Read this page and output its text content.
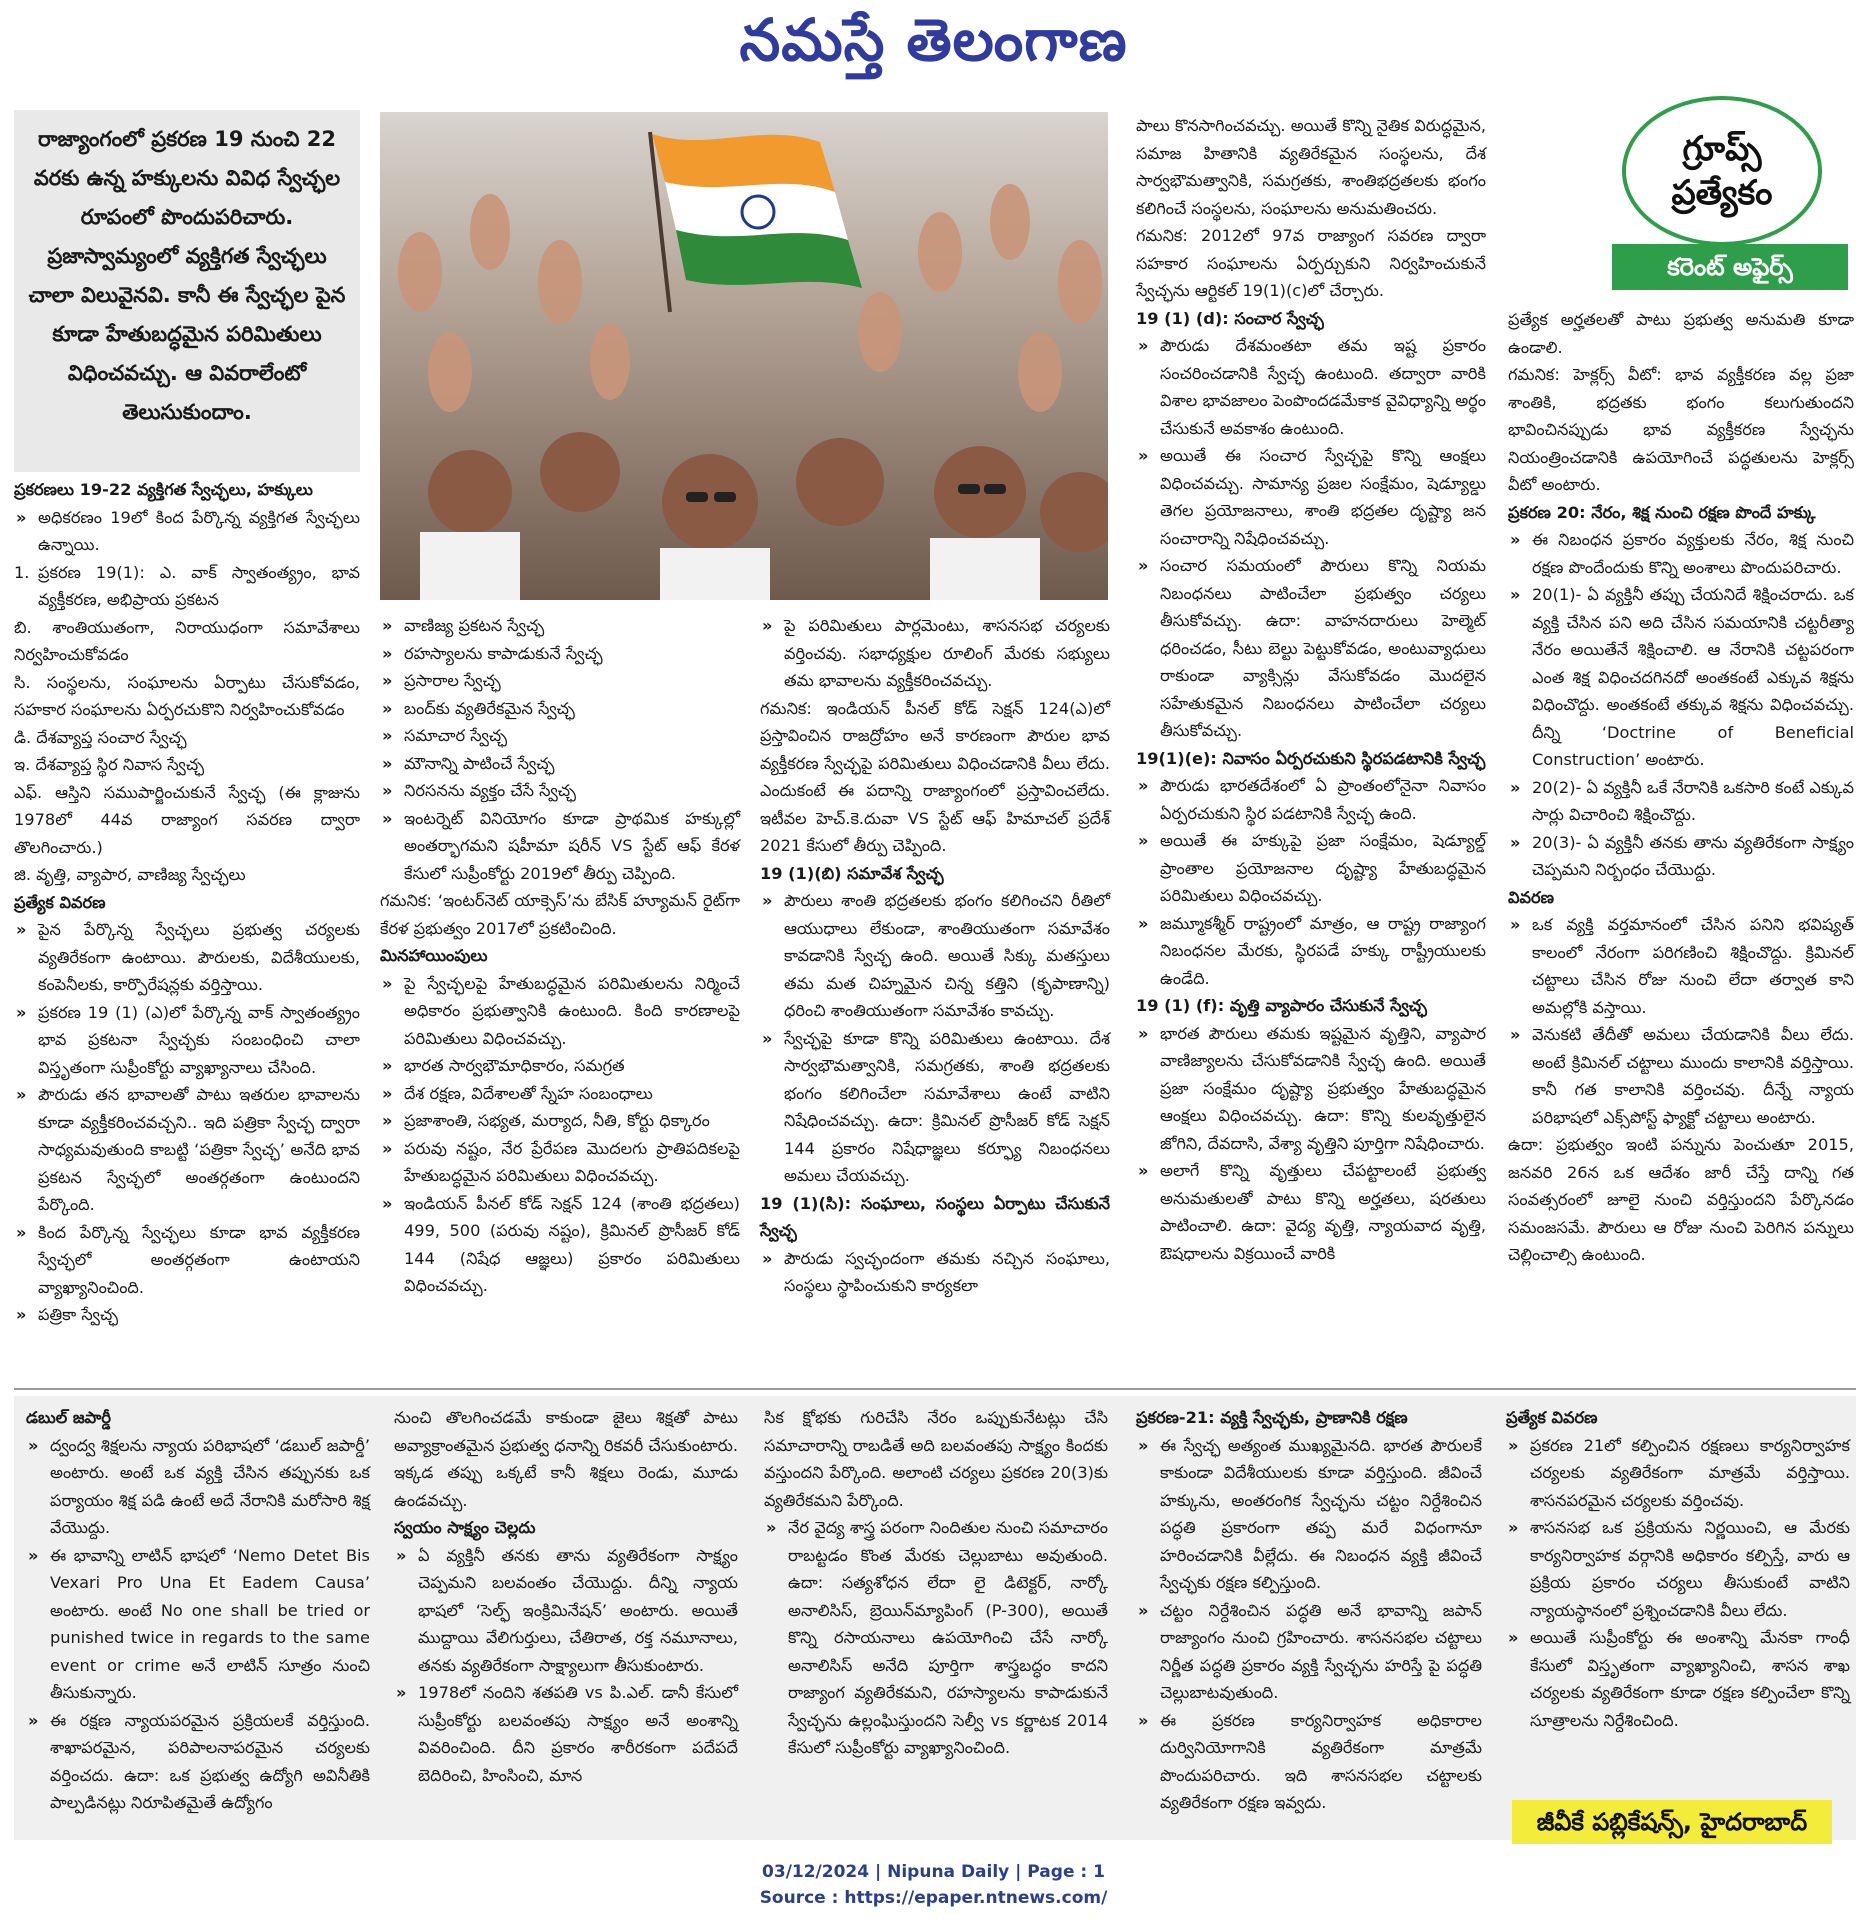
నమస్తే తెలంగాణ

రాజ్యాంగంలో ప్రకరణ 19 నుంచి 22 వరకు ఉన్న హక్కులను వివిధ స్వేచ్ఛల రూపంలో పొందుపరిచారు. ప్రజాస్వామ్యంలో వ్యక్తిగత స్వేచ్ఛలు చాలా విలువైనవి. కానీ ఈ స్వేచ్ఛల పైన కూడా హేతుబద్ధమైన పరిమితులు విధించవచ్చు. ఆ వివరాలేంటో తెలుసుకుందాం.

గ్రూప్స్
ప్రత్యేకం
కరెంట్ అఫైర్స్

ప్రకరణలు 19-22 వ్యక్తిగత స్వేచ్ఛలు, హక్కులు

» అధికరణం 19లో కింద పేర్కొన్న వ్యక్తిగత స్వేచ్ఛలు ఉన్నాయి.

1. ప్రకరణ 19(1): ఎ. వాక్ స్వాతంత్య్రం, భావ వ్యక్తీకరణ, అభిప్రాయ ప్రకటన

బి. శాంతియుతంగా, నిరాయుధంగా సమావేశాలు నిర్వహించుకోవడం

సి. సంస్థలను, సంఘాలను ఏర్పాటు చేసుకోవడం, సహకార సంఘాలను ఏర్పరచుకొని నిర్వహించుకోవడం

డి. దేశవ్యాప్త సంచార స్వేచ్ఛ

ఇ. దేశవ్యాప్త స్థిర నివాస స్వేచ్ఛ

ఎఫ్. ఆస్తిని సముపార్జించుకునే స్వేచ్ఛ (ఈ క్లాజును 1978లో 44వ రాజ్యాంగ సవరణ ద్వారా తొలగించారు.)

జి. వృత్తి, వ్యాపార, వాణిజ్య స్వేచ్ఛలు

ప్రత్యేక వివరణ

» పైన పేర్కొన్న స్వేచ్ఛలు ప్రభుత్వ చర్యలకు వ్యతిరేకంగా ఉంటాయి. పౌరులకు, విదేశీయులకు, కంపెనీలకు, కార్పొరేషన్లకు వర్తిస్తాయి.

» ప్రకరణ 19 (1) (ఎ)లో పేర్కొన్న వాక్ స్వాతంత్య్రం భావ ప్రకటనా స్వేచ్ఛకు సంబంధించి చాలా విస్తృతంగా సుప్రీంకోర్టు వ్యాఖ్యానాలు చేసింది.

» పౌరుడు తన భావాలతో పాటు ఇతరుల భావాలను కూడా వ్యక్తీకరించవచ్చని.. ఇది పత్రికా స్వేచ్ఛ ద్వారా సాధ్యమవుతుంది కాబట్టి ‘పత్రికా స్వేచ్ఛ’ అనేది భావ ప్రకటన స్వేచ్ఛలో అంతర్గతంగా ఉంటుందని పేర్కొంది.

» కింద పేర్కొన్న స్వేచ్ఛలు కూడా భావ వ్యక్తీకరణ స్వేచ్ఛలో అంతర్గతంగా ఉంటాయని వ్యాఖ్యానించింది.

» పత్రికా స్వేచ్ఛ

» వాణిజ్య ప్రకటన స్వేచ్ఛ

» రహస్యాలను కాపాడుకునే స్వేచ్ఛ

» ప్రసారాల స్వేచ్ఛ

» బంద్‌కు వ్యతిరేకమైన స్వేచ్ఛ

» సమాచార స్వేచ్ఛ

» మౌనాన్ని పాటించే స్వేచ్ఛ

» నిరసనను వ్యక్తం చేసే స్వేచ్ఛ

» ఇంటర్నెట్ వినియోగం కూడా ప్రాథమిక హక్కుల్లో అంతర్భాగమని షహీమా షరీన్ VS స్టేట్ ఆఫ్ కేరళ కేసులో సుప్రీంకోర్టు 2019లో తీర్పు చెప్పింది.

గమనిక: ‘ఇంటర్‌నెట్ యాక్సెస్’ను బేసిక్ హ్యూమన్ రైట్‌గా కేరళ ప్రభుత్వం 2017లో ప్రకటించింది.

మినహాయింపులు

» పై స్వేచ్ఛలపై హేతుబద్ధమైన పరిమితులను నిర్మించే అధికారం ప్రభుత్వానికి ఉంటుంది. కింది కారణాలపై పరిమితులు విధించవచ్చు.

» భారత సార్వభౌమాధికారం, సమగ్రత

» దేశ రక్షణ, విదేశాలతో స్నేహ సంబంధాలు

» ప్రజాశాంతి, సభ్యత, మర్యాద, నీతి, కోర్టు ధిక్కారం

» పరువు నష్టం, నేర ప్రేరేపణ మొదలగు ప్రాతిపదికలపై హేతుబద్ధమైన పరిమితులు విధించవచ్చు.

» ఇండియన్ పీనల్ కోడ్ సెక్షన్ 124 (శాంతి భద్రతలు) 499, 500 (పరువు నష్టం), క్రిమినల్ ప్రొసీజర్ కోడ్ 144 (నిషేధ ఆజ్ఞలు) ప్రకారం పరిమితులు విధించవచ్చు.

» పై పరిమితులు పార్లమెంటు, శాసనసభ చర్యలకు వర్తించవు. సభాధ్యక్షుల రూలింగ్ మేరకు సభ్యులు తమ భావాలను వ్యక్తీకరించవచ్చు.

గమనిక: ఇండియన్ పీనల్ కోడ్ సెక్షన్ 124(ఎ)లో ప్రస్తావించిన రాజద్రోహం అనే కారణంగా పౌరుల భావ వ్యక్తీకరణ స్వేచ్ఛపై పరిమితులు విధించడానికి వీలు లేదు. ఎందుకంటే ఈ పదాన్ని రాజ్యాంగంలో ప్రస్తావించలేదు. ఇటీవల హెచ్.కె.దువా VS స్టేట్ ఆఫ్ హిమాచల్ ప్రదేశ్ 2021 కేసులో తీర్పు చెప్పింది.

19 (1)(బి) సమావేశ స్వేచ్ఛ

» పౌరులు శాంతి భద్రతలకు భంగం కలిగించని రీతిలో ఆయుధాలు లేకుండా, శాంతియుతంగా సమావేశం కావడానికి స్వేచ్ఛ ఉంది. అయితే సిక్కు మతస్తులు తమ మత చిహ్నమైన చిన్న కత్తిని (కృపాణాన్ని) ధరించి శాంతియుతంగా సమావేశం కావచ్చు.

» స్వేచ్ఛపై కూడా కొన్ని పరిమితులు ఉంటాయి. దేశ సార్వభౌమత్వానికి, సమగ్రతకు, శాంతి భద్రతలకు భంగం కలిగించేలా సమావేశాలు ఉంటే వాటిని నిషేధించవచ్చు. ఉదా: క్రిమినల్ ప్రొసీజర్ కోడ్ సెక్షన్ 144 ప్రకారం నిషేధాజ్ఞలు కర్ఫ్యూ నిబంధనలు అమలు చేయవచ్చు.

19 (1)(సి): సంఘాలు, సంస్థలు ఏర్పాటు చేసుకునే స్వేచ్ఛ

» పౌరుడు స్వచ్ఛందంగా తమకు నచ్చిన సంఘాలు, సంస్థలు స్థాపించుకుని కార్యకలా

పాలు కొనసాగించవచ్చు. అయితే కొన్ని నైతిక విరుద్ధమైన, సమాజ హితానికి వ్యతిరేకమైన సంస్థలను, దేశ సార్వభౌమత్వానికి, సమగ్రతకు, శాంతిభద్రతలకు భంగం కలిగించే సంస్థలను, సంఘాలను అనుమతించరు.

గమనిక: 2012లో 97వ రాజ్యాంగ సవరణ ద్వారా సహకార సంఘాలను ఏర్పర్చుకుని నిర్వహించుకునే స్వేచ్ఛను ఆర్టికల్ 19(1)(c)లో చేర్చారు.

19 (1) (d): సంచార స్వేచ్ఛ

» పౌరుడు దేశమంతటా తమ ఇష్ట ప్రకారం సంచరించడానికి స్వేచ్ఛ ఉంటుంది. తద్వారా వారికి విశాల భావజాలం పెంపొందడమేకాక వైవిధ్యాన్ని అర్థం చేసుకునే అవకాశం ఉంటుంది.

» అయితే ఈ సంచార స్వేచ్ఛపై కొన్ని ఆంక్షలు విధించవచ్చు. సామాన్య ప్రజల సంక్షేమం, షెడ్యూల్డు తెగల ప్రయోజనాలు, శాంతి భద్రతల దృష్ట్యా జన సంచారాన్ని నిషేధించవచ్చు.

» సంచార సమయంలో పౌరులు కొన్ని నియమ నిబంధనలు పాటించేలా ప్రభుత్వం చర్యలు తీసుకోవచ్చు. ఉదా: వాహనదారులు హెల్మెట్ ధరించడం, సీటు బెల్టు పెట్టుకోవడం, అంటువ్యాధులు రాకుండా వ్యాక్సిన్లు వేసుకోవడం మొదలైన సహేతుకమైన నిబంధనలు పాటించేలా చర్యలు తీసుకోవచ్చు.

19(1)(e): నివాసం ఏర్పరచుకుని స్థిరపడటానికి స్వేచ్ఛ

» పౌరుడు భారతదేశంలో ఏ ప్రాంతంలోనైనా నివాసం ఏర్పరచుకుని స్థిర పడటానికి స్వేచ్ఛ ఉంది.

» అయితే ఈ హక్కుపై ప్రజా సంక్షేమం, షెడ్యూల్డ్ ప్రాంతాల ప్రయోజనాల దృష్ట్యా హేతుబద్ధమైన పరిమితులు విధించవచ్చు.

» జమ్మూకశ్మీర్ రాష్ట్రంలో మాత్రం, ఆ రాష్ట్ర రాజ్యాంగ నిబంధనల మేరకు, స్థిరపడే హక్కు రాష్ట్రీయులకు ఉండేది.

19 (1) (f): వృత్తి వ్యాపారం చేసుకునే స్వేచ్ఛ

» భారత పౌరులు తమకు ఇష్టమైన వృత్తిని, వ్యాపార వాణిజ్యాలను చేసుకోవడానికి స్వేచ్ఛ ఉంది. అయితే ప్రజా సంక్షేమం దృష్ట్యా ప్రభుత్వం హేతుబద్ధమైన ఆంక్షలు విధించవచ్చు. ఉదా: కొన్ని కులవృత్తులైన జోగిని, దేవదాసి, వేశ్యా వృత్తిని పూర్తిగా నిషేధించారు.

» అలాగే కొన్ని వృత్తులు చేపట్టాలంటే ప్రభుత్వ అనుమతులతో పాటు కొన్ని అర్హతలు, షరతులు పాటించాలి. ఉదా: వైద్య వృత్తి, న్యాయవాద వృత్తి, ఔషధాలను విక్రయించే వారికి

ప్రత్యేక అర్హతలతో పాటు ప్రభుత్వ అనుమతి కూడా ఉండాలి.

గమనిక: హెక్లర్స్ వీటో: భావ వ్యక్తీకరణ వల్ల ప్రజా శాంతికి, భద్రతకు భంగం కలుగుతుందని భావించినప్పుడు భావ వ్యక్తీకరణ స్వేచ్ఛను నియంత్రించడానికి ఉపయోగించే పద్ధతులను హెక్లర్స్ వీటో అంటారు.

ప్రకరణ 20: నేరం, శిక్ష నుంచి రక్షణ పొందే హక్కు

» ఈ నిబంధన ప్రకారం వ్యక్తులకు నేరం, శిక్ష నుంచి రక్షణ పొందేందుకు కొన్ని అంశాలు పొందుపరిచారు.

» 20(1)- ఏ వ్యక్తినీ తప్పు చేయనిదే శిక్షించరాదు. ఒక వ్యక్తి చేసిన పని అది చేసిన సమయానికి చట్టరీత్యా నేరం అయితేనే శిక్షించాలి. ఆ నేరానికి చట్టపరంగా ఎంత శిక్ష విధించదగినదో అంతకంటే ఎక్కువ శిక్షను విధించొద్దు. అంతకంటే తక్కువ శిక్షను విధించవచ్చు. దీన్ని ‘Doctrine of Beneficial Construction’ అంటారు.

» 20(2)- ఏ వ్యక్తినీ ఒకే నేరానికి ఒకసారి కంటే ఎక్కువ సార్లు విచారించి శిక్షించొద్దు.

» 20(3)- ఏ వ్యక్తినీ తనకు తాను వ్యతిరేకంగా సాక్ష్యం చెప్పమని నిర్బంధం చేయొద్దు.

వివరణ

» ఒక వ్యక్తి వర్తమానంలో చేసిన పనిని భవిష్యత్ కాలంలో నేరంగా పరిగణించి శిక్షించొద్దు. క్రిమినల్ చట్టాలు చేసిన రోజు నుంచి లేదా తర్వాత కాని అమల్లోకి వస్తాయి.

» వెనుకటి తేదీతో అమలు చేయడానికి వీలు లేదు. అంటే క్రిమినల్ చట్టాలు ముందు కాలానికి వర్తిస్తాయి. కానీ గత కాలానికి వర్తించవు. దీన్నే న్యాయ పరిభాషలో ఎక్స్‌పోస్ట్ ఫ్యాక్టో చట్టాలు అంటారు.

ఉదా: ప్రభుత్వం ఇంటి పన్నును పెంచుతూ 2015, జనవరి 26న ఒక ఆదేశం జారీ చేస్తే దాన్ని గత సంవత్సరంలో జూలై నుంచి వర్తిస్తుందని పేర్కొనడం సమంజసమే. పౌరులు ఆ రోజు నుంచి పెరిగిన పన్నులు చెల్లించాల్సి ఉంటుంది.

డబుల్ జపార్డీ

» ద్వంద్వ శిక్షలను న్యాయ పరిభాషలో ‘డబుల్ జపార్డీ’ అంటారు. అంటే ఒక వ్యక్తి చేసిన తప్పునకు ఒక పర్యాయం శిక్ష పడి ఉంటే అదే నేరానికి మరోసారి శిక్ష వేయొద్దు.

» ఈ భావాన్ని లాటిన్ భాషలో ‘Nemo Detet Bis Vexari Pro Una Et Eadem Causa’ అంటారు. అంటే No one shall be tried or punished twice in regards to the same event or crime అనే లాటిన్ సూత్రం నుంచి తీసుకున్నారు.

» ఈ రక్షణ న్యాయపరమైన ప్రక్రియలకే వర్తిస్తుంది. శాఖాపరమైన, పరిపాలనాపరమైన చర్యలకు వర్తించదు. ఉదా: ఒక ప్రభుత్వ ఉద్యోగి అవినీతికి పాల్పడినట్లు నిరూపితమైతే ఉద్యోగం

నుంచి తొలగించడమే కాకుండా జైలు శిక్షతో పాటు అవ్యాక్రాంతమైన ప్రభుత్వ ధనాన్ని రికవరీ చేసుకుంటారు. ఇక్కడ తప్పు ఒక్కటే కానీ శిక్షలు రెండు, మూడు ఉండవచ్చు.

స్వయం సాక్ష్యం చెల్లదు

» ఏ వ్యక్తినీ తనకు తాను వ్యతిరేకంగా సాక్ష్యం చెప్పమని బలవంతం చేయొద్దు. దీన్ని న్యాయ భాషలో ‘సెల్ఫ్ ఇంక్రిమినేషన్’ అంటారు. అయితే ముద్దాయి వేలిగుర్తులు, చేతిరాత, రక్త నమూనాలు, తనకు వ్యతిరేకంగా సాక్ష్యాలుగా తీసుకుంటారు.

» 1978లో నందిని శతపతి vs పి.ఎల్. డానీ కేసులో సుప్రీంకోర్టు బలవంతపు సాక్ష్యం అనే అంశాన్ని వివరించింది. దీని ప్రకారం శారీరకంగా పదేపదే బెదిరించి, హింసించి, మాన

సిక క్షోభకు గురిచేసి నేరం ఒప్పుకునేటట్లు చేసి సమాచారాన్ని రాబడితే అది బలవంతపు సాక్ష్యం కిందకు వస్తుందని పేర్కొంది. అలాంటి చర్యలు ప్రకరణ 20(3)కు వ్యతిరేకమని పేర్కొంది.

» నేర వైద్య శాస్త్ర పరంగా నిందితుల నుంచి సమాచారం రాబట్టడం కొంత మేరకు చెల్లుబాటు అవుతుంది. ఉదా: సత్యశోధన లేదా లై డిటెక్టర్, నార్కో అనాలిసిస్, బ్రెయిన్‌మ్యాపింగ్ (P-300), అయితే కొన్ని రసాయనాలు ఉపయోగించి చేసే నార్కో అనాలిసిస్ అనేది పూర్తిగా శాస్త్రబద్ధం కాదని రాజ్యాంగ వ్యతిరేకమని, రహస్యాలను కాపాడుకునే స్వేచ్ఛను ఉల్లంఘిస్తుందని సెల్వీ vs కర్ణాటక 2014 కేసులో సుప్రీంకోర్టు వ్యాఖ్యానించింది.

ప్రకరణ-21: వ్యక్తి స్వేచ్ఛకు, ప్రాణానికి రక్షణ

» ఈ స్వేచ్ఛ అత్యంత ముఖ్యమైనది. భారత పౌరులకే కాకుండా విదేశీయులకు కూడా వర్తిస్తుంది. జీవించే హక్కును, అంతరంగిక స్వేచ్ఛను చట్టం నిర్దేశించిన పద్ధతి ప్రకారంగా తప్ప మరే విధంగానూ హరించడానికి వీల్లేదు. ఈ నిబంధన వ్యక్తి జీవించే స్వేచ్ఛకు రక్షణ కల్పిస్తుంది.

» చట్టం నిర్దేశించిన పద్ధతి అనే భావాన్ని జపాన్ రాజ్యాంగం నుంచి గ్రహించారు. శాసనసభల చట్టాలు నిర్ణీత పద్ధతి ప్రకారం వ్యక్తి స్వేచ్ఛను హరిస్తే పై పద్ధతి చెల్లుబాటవుతుంది.

» ఈ ప్రకరణ కార్యనిర్వాహక అధికారాల దుర్వినియోగానికి వ్యతిరేకంగా మాత్రమే పొందుపరిచారు. ఇది శాసనసభల చట్టాలకు వ్యతిరేకంగా రక్షణ ఇవ్వదు.

ప్రత్యేక వివరణ

» ప్రకరణ 21లో కల్పించిన రక్షణలు కార్యనిర్వాహక చర్యలకు వ్యతిరేకంగా మాత్రమే వర్తిస్తాయి. శాసనపరమైన చర్యలకు వర్తించవు.

» శాసనసభ ఒక ప్రక్రియను నిర్ణయించి, ఆ మేరకు కార్యనిర్వాహక వర్గానికి అధికారం కల్పిస్తే, వారు ఆ ప్రక్రియ ప్రకారం చర్యలు తీసుకుంటే వాటిని న్యాయస్థానంలో ప్రశ్నించడానికి వీలు లేదు.

» అయితే సుప్రీంకోర్టు ఈ అంశాన్ని మేనకా గాంధీ కేసులో విస్తృతంగా వ్యాఖ్యానించి, శాసన శాఖ చర్యలకు వ్యతిరేకంగా కూడా రక్షణ కల్పించేలా కొన్ని సూత్రాలను నిర్దేశించింది.

జీవీకే పబ్లికేషన్స్, హైదరాబాద్
03/12/2024 | Nipuna Daily | Page : 1
Source : https://epaper.ntnews.com/
